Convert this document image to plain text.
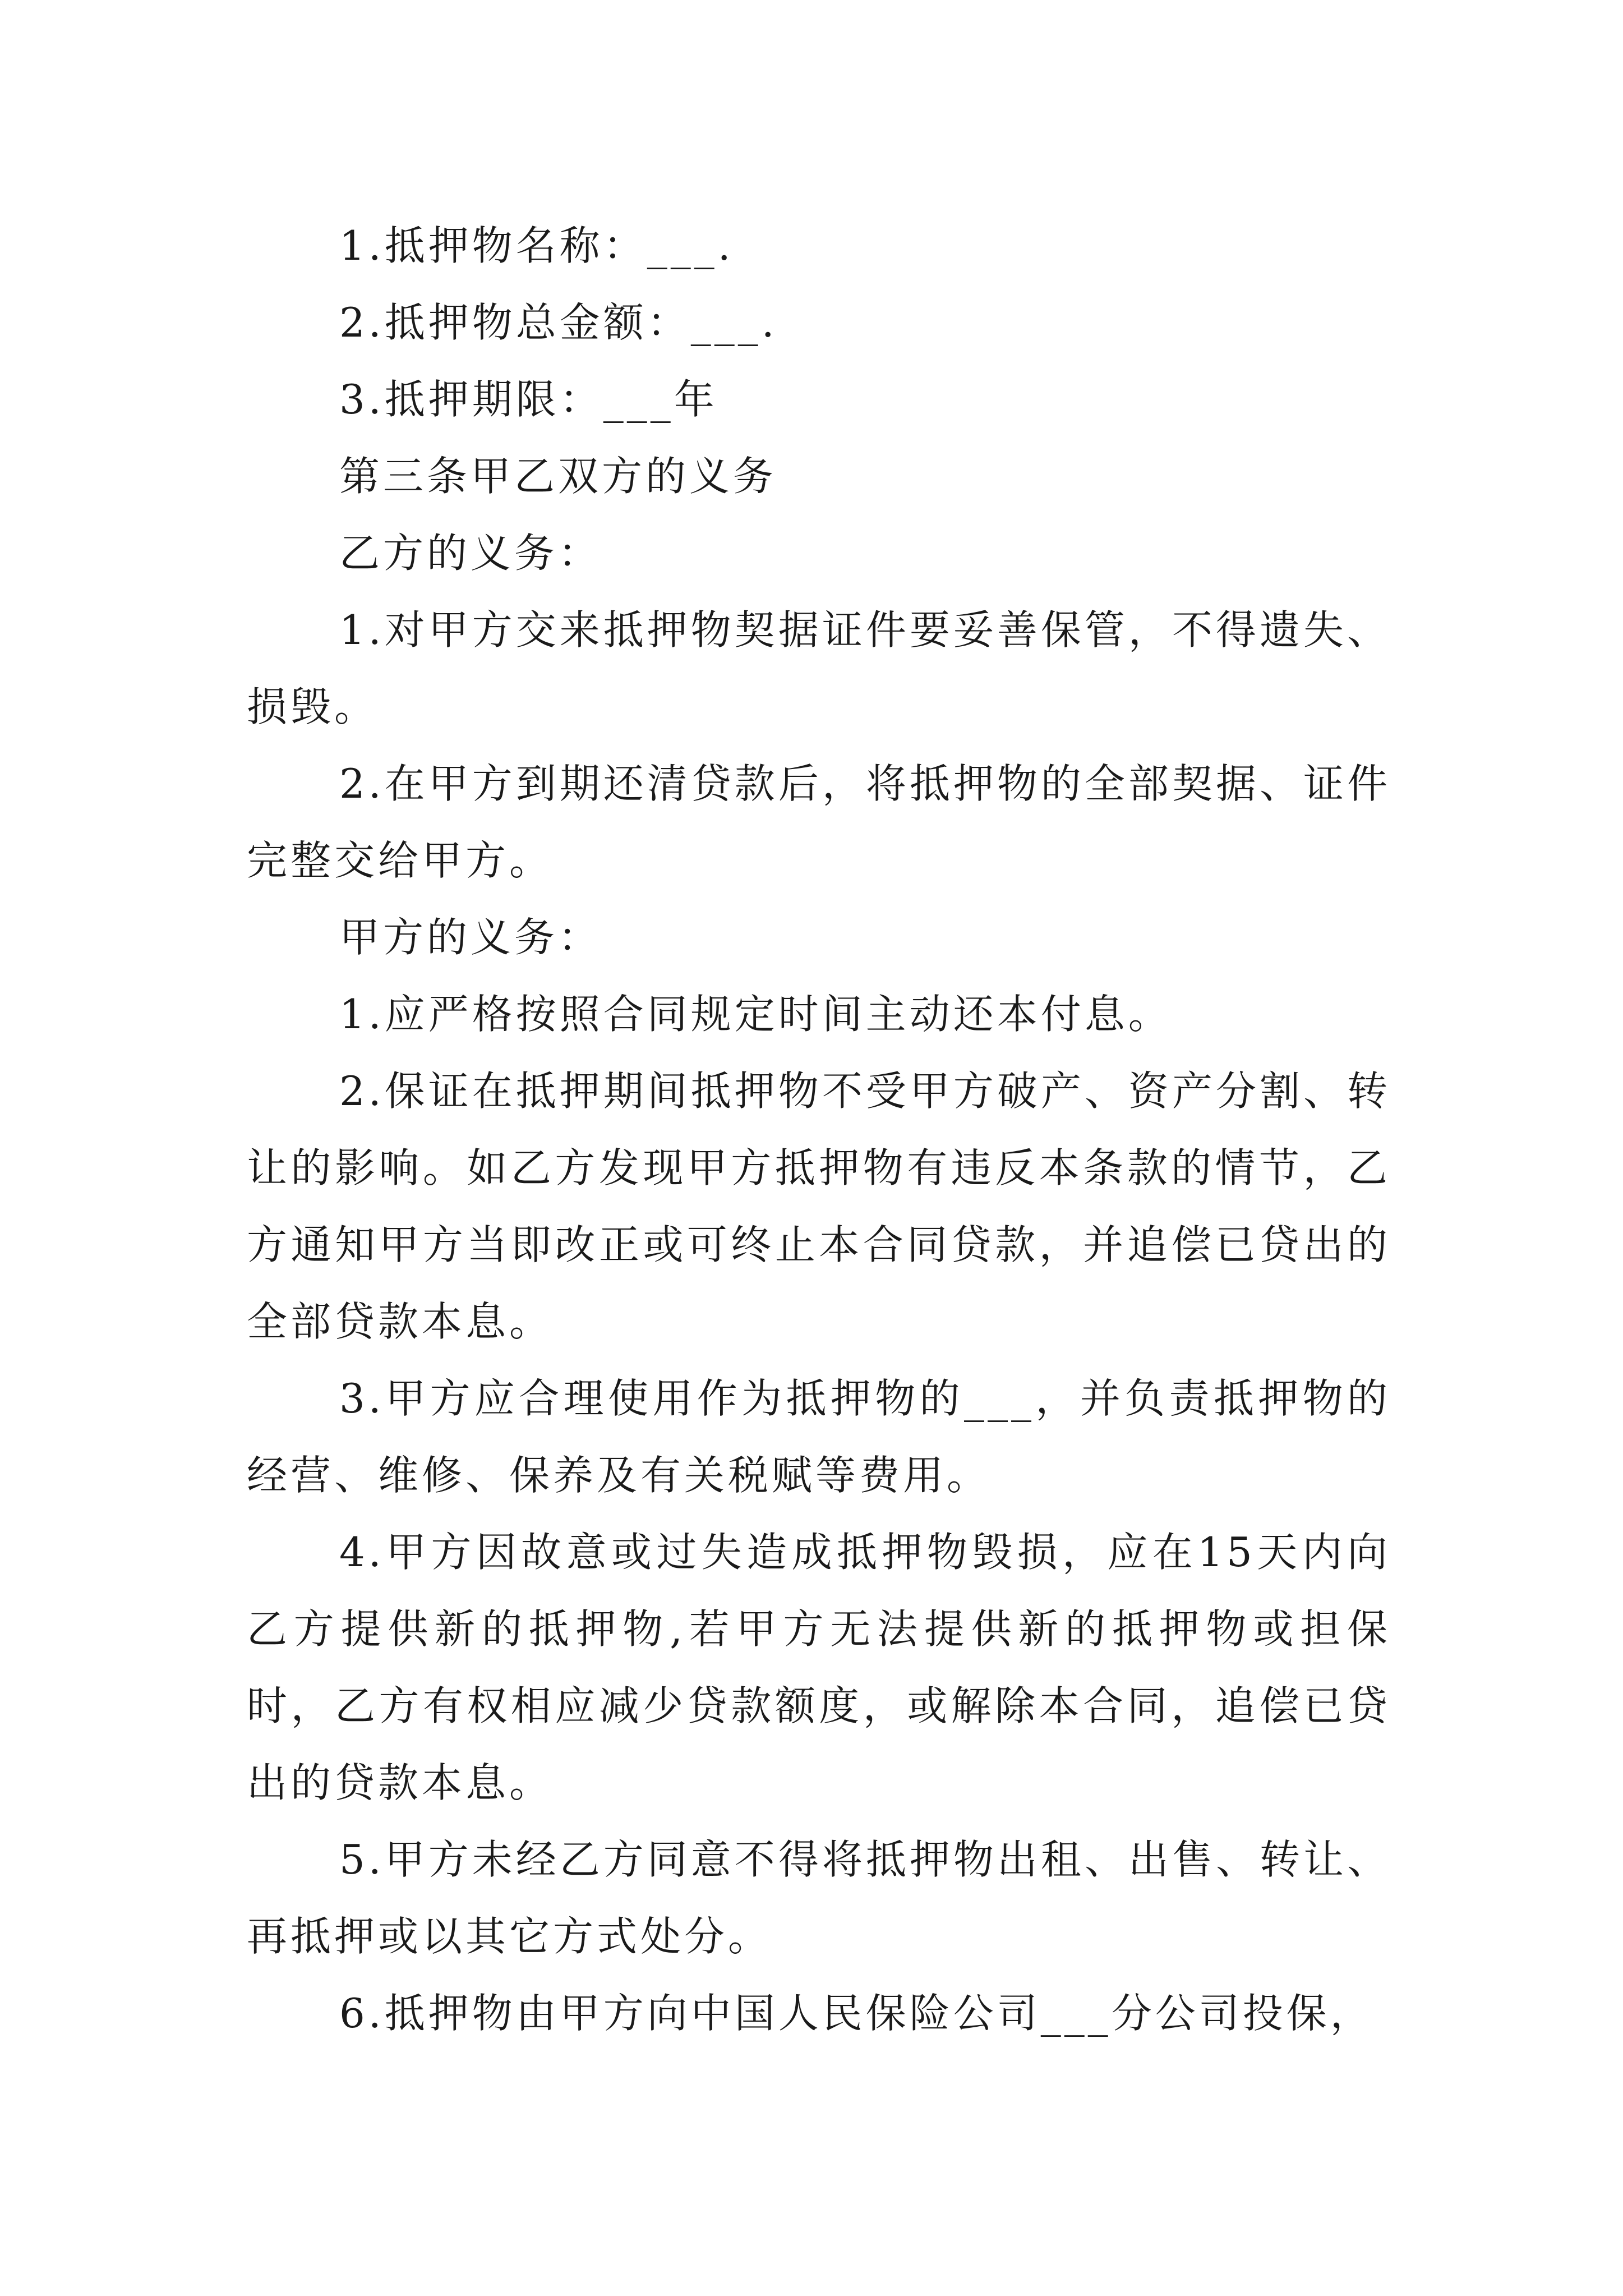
1.抵押物名称：___.

2.抵押物总金额：___.

3.抵押期限：___年

第三条甲乙双方的义务

乙方的义务：

1.对甲方交来抵押物契据证件要妥善保管，不得遗失、损毁。

2.在甲方到期还清贷款后，将抵押物的全部契据、证件完整交给甲方。

甲方的义务：

1.应严格按照合同规定时间主动还本付息。

2.保证在抵押期间抵押物不受甲方破产、资产分割、转让的影响。如乙方发现甲方抵押物有违反本条款的情节，乙方通知甲方当即改正或可终止本合同贷款，并追偿已贷出的全部贷款本息。

3.甲方应合理使用作为抵押物的___，并负责抵押物的经营、维修、保养及有关税赋等费用。

4.甲方因故意或过失造成抵押物毁损，应在15天内向乙方提供新的抵押物,若甲方无法提供新的抵押物或担保时，乙方有权相应减少贷款额度，或解除本合同，追偿已贷出的贷款本息。

5.甲方未经乙方同意不得将抵押物出租、出售、转让、再抵押或以其它方式处分。

6.抵押物由甲方向中国人民保险公司___分公司投保，
